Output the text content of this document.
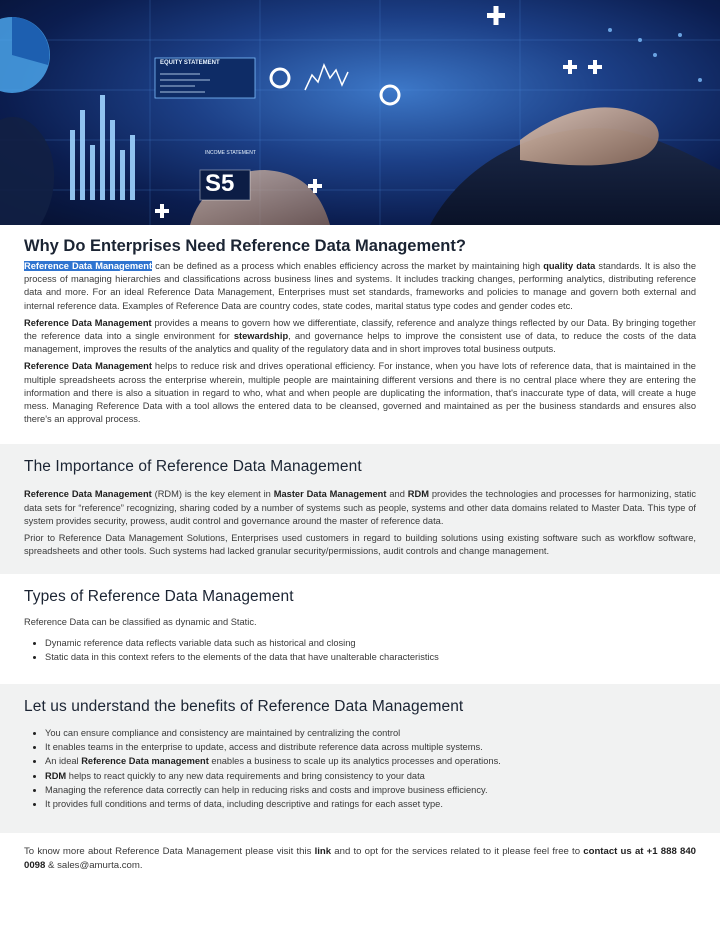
EQUITY STATEMENT
S5
INCOME STATEMENT
Why Do Enterprises Need Reference Data Management?

Reference Data Management can be defined as a process which enables efficiency across the market by maintaining high quality data standards. It is also the process of managing hierarchies and classifications across business lines and systems. It includes tracking changes, performing analytics, distributing reference data and more. For an ideal Reference Data Management, Enterprises must set standards, frameworks and policies to manage and govern both external and internal reference data. Examples of Reference Data are country codes, state codes, marital status type codes and gender codes etc.

Reference Data Management provides a means to govern how we differentiate, classify, reference and analyze things reflected by our Data. By bringing together the reference data into a single environment for stewardship, and governance helps to improve the consistent use of data, to reduce the costs of the data management, improves the results of the analytics and quality of the regulatory data and in short improves total business outputs.

Reference Data Management helps to reduce risk and drives operational efficiency. For instance, when you have lots of reference data, that is maintained in the multiple spreadsheets across the enterprise wherein, multiple people are maintaining different versions and there is no central place where they are entering the information and there is also a situation in regard to who, what and when people are duplicating the information, that's inaccurate type of data, will create a huge mess. Managing Reference Data with a tool allows the entered data to be cleansed, governed and maintained as per the business standards and ensures also there's an approval process.

The Importance of Reference Data Management

Reference Data Management (RDM) is the key element in Master Data Management and RDM provides the technologies and processes for harmonizing, static data sets for “reference” recognizing, sharing coded by a number of systems such as people, systems and other data domains related to Master Data. This type of system provides security, prowess, audit control and governance around the master of reference data.

Prior to Reference Data Management Solutions, Enterprises used customers in regard to building solutions using existing software such as workflow software, spreadsheets and other tools. Such systems had lacked granular security/permissions, audit controls and change management.

Types of Reference Data Management

Reference Data can be classified as dynamic and Static.

• Dynamic reference data reflects variable data such as historical and closing
• Static data in this context refers to the elements of the data that have unalterable characteristics
Let us understand the benefits of Reference Data Management
• You can ensure compliance and consistency are maintained by centralizing the control
• It enables teams in the enterprise to update, access and distribute reference data across multiple systems.
• An ideal Reference Data management enables a business to scale up its analytics processes and operations.
• RDM helps to react quickly to any new data requirements and bring consistency to your data
• Managing the reference data correctly can help in reducing risks and costs and improve business efficiency.
• It provides full conditions and terms of data, including descriptive and ratings for each asset type.

To know more about Reference Data Management please visit this link and to opt for the services related to it please feel free to contact us at +1 888 840 0098 & sales@amurta.com.
